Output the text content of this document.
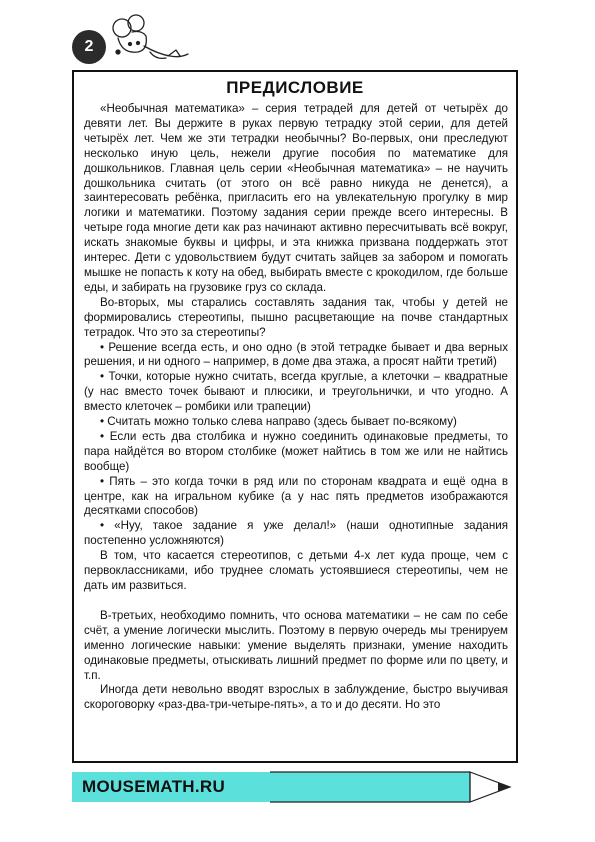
2
ПРЕДИСЛОВИЕ

«Необычная математика» – серия тетрадей для детей от четырёх до девяти лет. Вы держите в руках первую тетрадку этой серии, для детей четырёх лет. Чем же эти тетрадки необычны? Во-первых, они преследуют несколько иную цель, нежели другие пособия по математике для дошкольников. Главная цель серии «Необычная математика» – не научить дошкольника считать (от этого он всё равно никуда не денется), а заинтересовать ребёнка, пригласить его на увлекательную прогулку в мир логики и математики. Поэтому задания серии прежде всего интересны. В четыре года многие дети как раз начинают активно пересчитывать всё вокруг, искать знакомые буквы и цифры, и эта книжка призвана поддержать этот интерес. Дети с удовольствием будут считать зайцев за забором и помогать мышке не попасть к коту на обед, выбирать вместе с крокодилом, где больше еды, и забирать на грузовике груз со склада.

Во-вторых, мы старались составлять задания так, чтобы у детей не формировались стереотипы, пышно расцветающие на почве стандартных тетрадок. Что это за стереотипы?

• Решение всегда есть, и оно одно (в этой тетрадке бывает и два верных решения, и ни одного – например, в доме два этажа, а просят найти третий)

• Точки, которые нужно считать, всегда круглые, а клеточки – квадратные (у нас вместо точек бывают и плюсики, и треугольнички, и что угодно. А вместо клеточек – ромбики или трапеции)

• Считать можно только слева направо (здесь бывает по-всякому)

• Если есть два столбика и нужно соединить одинаковые предметы, то пара найдётся во втором столбике (может найтись в том же или не найтись вообще)

• Пять – это когда точки в ряд или по сторонам квадрата и ещё одна в центре, как на игральном кубике (а у нас пять предметов изображаются десятками способов)

• «Нуу, такое задание я уже делал!» (наши однотипные задания постепенно усложняются)

В том, что касается стереотипов, с детьми 4-х лет куда проще, чем с первоклассниками, ибо труднее сломать устоявшиеся стереотипы, чем не дать им развиться.

В-третьих, необходимо помнить, что основа математики – не сам по себе счёт, а умение логически мыслить. Поэтому в первую очередь мы тренируем именно логические навыки: умение выделять признаки, умение находить одинаковые предметы, отыскивать лишний предмет по форме или по цвету, и т.п.

Иногда дети невольно вводят взрослых в заблуждение, быстро выучивая скороговорку «раз-два-три-четыре-пять», а то и до десяти. Но это

MOUSEMATH.RU
